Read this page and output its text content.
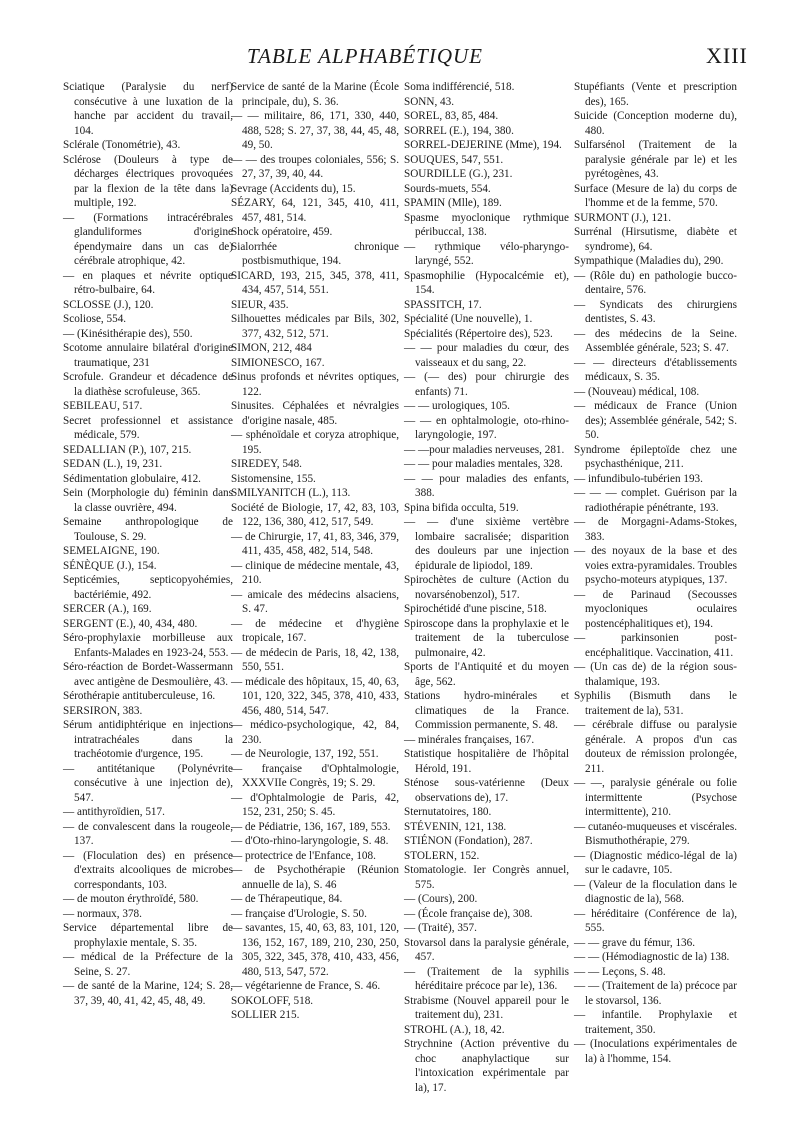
TABLE ALPHABÉTIQUE	XIII
Sciatique (Paralysie du nerf) consécutive à une luxation de la hanche par accident du travail, 104.
Sclérale (Tonométrie), 43.
Sclérose (Douleurs à type de décharges électriques provoquées par la flexion de la tête dans la) multiple, 192.
— (Formations intracérébrales glanduliformes d'origine épendymaire dans un cas de) cérébrale atrophique, 42.
— en plaques et névrite optique rétro-bulbaire, 64.
SCLOSSE (J.), 120.
Scoliose, 554.
— (Kinésithérapie des), 550.
Scotome annulaire bilatéral d'origine traumatique, 231
Scrofule. Grandeur et décadence de la diathèse scrofuleuse, 365.
SEBILEAU, 517.
Secret professionnel et assistance médicale, 579.
SEDALLIAN (P.), 107, 215.
SEDAN (L.), 19, 231.
Sédimentation globulaire, 412.
Sein (Morphologie du) féminin dans la classe ouvrière, 494.
Semaine anthropologique de Toulouse, S. 29.
SEMELAIGNE, 190.
SÉNÈQUE (J.), 154.
Septicémies, septicopyohémies, bactériémie, 492.
SERCER (A.), 169.
SERGENT (E.), 40, 434, 480.
Séro-prophylaxie morbilleuse aux Enfants-Malades en 1923-24, 553.
Séro-réaction de Bordet-Wassermann avec antigène de Desmoulière, 43.
Sérothérapie antituberculeuse, 16.
SERSIRON, 383.
Sérum antidiphtérique en injections intratrachéales dans la trachéotomie d'urgence, 195.
— antitétanique (Polynévrite consécutive à une injection de), 547.
— antithyroïdien, 517.
— de convalescent dans la rougeole, 137.
— (Floculation des) en présence d'extraits alcooliques de microbes correspondants, 103.
— de mouton érythroïdé, 580.
— normaux, 378.
Service départemental libre de prophylaxie mentale, S. 35.
— médical de la Préfecture de la Seine, S. 27.
— de santé de la Marine, 124; S. 28, 37, 39, 40, 41, 42, 45, 48, 49.
Service de santé de la Marine (École principale, du), S. 36.
— — militaire, 86, 171, 330, 440, 488, 528; S. 27, 37, 38, 44, 45, 48, 49, 50.
— — des troupes coloniales, 556; S. 27, 37, 39, 40, 44.
Sevrage (Accidents du), 15.
SÉZARY, 64, 121, 345, 410, 411, 457, 481, 514.
Shock opératoire, 459.
Sialorrhée chronique postbismuthique, 194.
SICARD, 193, 215, 345, 378, 411, 434, 457, 514, 551.
SIEUR, 435.
Silhouettes médicales par Bils, 302, 377, 432, 512, 571.
SIMON, 212, 484
SIMIONESCO, 167.
Sinus profonds et névrites optiques, 122.
Sinusites. Céphalées et névralgies d'origine nasale, 485.
— sphénoïdale et coryza atrophique, 195.
SIREDEY, 548.
Sistomensine, 155.
SMILYANITCH (L.), 113.
Société de Biologie, 17, 42, 83, 103, 122, 136, 380, 412, 517, 549.
— de Chirurgie, 17, 41, 83, 346, 379, 411, 435, 458, 482, 514, 548.
— clinique de médecine mentale, 43, 210.
— amicale des médecins alsaciens, S. 47.
— de médecine et d'hygiène tropicale, 167.
— de médecin de Paris, 18, 42, 138, 550, 551.
— médicale des hôpitaux, 15, 40, 63, 101, 120, 322, 345, 378, 410, 433, 456, 480, 514, 547.
— médico-psychologique, 42, 84, 230.
— de Neurologie, 137, 192, 551.
— française d'Ophtalmologie, XXXVIIe Congrès, 19; S. 29.
— d'Ophtalmologie de Paris, 42, 152, 231, 250; S. 45.
— de Pédiatrie, 136, 167, 189, 553.
— d'Oto-rhino-laryngologie, S. 48.
— protectrice de l'Enfance, 108.
— de Psychothérapie (Réunion annuelle de la), S. 46
— de Thérapeutique, 84.
— française d'Urologie, S. 50.
— savantes, 15, 40, 63, 83, 101, 120, 136, 152, 167, 189, 210, 230, 250, 305, 322, 345, 378, 410, 433, 456, 480, 513, 547, 572.
— végétarienne de France, S. 46.
SOKOLOFF, 518.
SOLLIER 215.
Soma indifférencié, 518.
SONN, 43.
SOREL, 83, 85, 484.
SORREL (E.), 194, 380.
SORREL-DEJERINE (Mme), 194.
SOUQUES, 547, 551.
SOURDILLE (G.), 231.
Sourds-muets, 554.
SPAMIN (Mlle), 189.
Spasme myoclonique rythmique péribuccal, 138.
— rythmique vélo-pharyngo-laryngé, 552.
Spasmophilie (Hypocalcémie et), 154.
SPASSITCH, 17.
Spécialité (Une nouvelle), 1.
Spécialités (Répertoire des), 523.
— — pour maladies du cœur, des vaisseaux et du sang, 22.
— (— des) pour chirurgie des enfants) 71.
— — urologiques, 105.
— — en ophtalmologie, oto-rhino-laryngologie, 197.
— —pour maladies nerveuses, 281.
— — pour maladies mentales, 328.
— — pour maladies des enfants, 388.
Spina bifida occulta, 519.
— — d'une sixième vertèbre lombaire sacralisée; disparition des douleurs par une injection épidurale de lipiodol, 189.
Spirochètes de culture (Action du novarsénobenzol), 517.
Spirochétidé d'une piscine, 518.
Spiroscope dans la prophylaxie et le traitement de la tuberculose pulmonaire, 42.
Sports de l'Antiquité et du moyen âge, 562.
Stations hydro-minérales et climatiques de la France. Commission permanente, S. 48.
— minérales françaises, 167.
Statistique hospitalière de l'hôpital Hérold, 191.
Sténose sous-vatérienne (Deux observations de), 17.
Sternutatoires, 180.
STÉVENIN, 121, 138.
STIÉNON (Fondation), 287.
STOLERN, 152.
Stomatologie. Ier Congrès annuel, 575.
— (Cours), 200.
— (École française de), 308.
— (Traité), 357.
Stovarsol dans la paralysie générale, 457.
— (Traitement de la syphilis héréditaire précoce par le), 136.
Strabisme (Nouvel appareil pour le traitement du), 231.
STROHL (A.), 18, 42.
Strychnine (Action préventive du choc anaphylactique sur l'intoxication expérimentale par la), 17.
Stupéfiants (Vente et prescription des), 165.
Suicide (Conception moderne du), 480.
Sulfarsénol (Traitement de la paralysie générale par le) et les pyrétogènes, 43.
Surface (Mesure de la) du corps de l'homme et de la femme, 570.
SURMONT (J.), 121.
Surrénal (Hirsutisme, diabète et syndrome), 64.
Sympathique (Maladies du), 290.
— (Rôle du) en pathologie bucco-dentaire, 576.
— Syndicats des chirurgiens dentistes, S. 43.
— des médecins de la Seine. Assemblée générale, 523; S. 47.
— — directeurs d'établissements médicaux, S. 35.
— (Nouveau) médical, 108.
— médicaux de France (Union des); Assemblée générale, 542; S. 50.
Syndrome épileptoïde chez une psychasthénique, 211.
— infundibulo-tubérien 193.
— — — complet. Guérison par la radiothérapie pénétrante, 193.
— de Morgagni-Adams-Stokes, 383.
— des noyaux de la base et des voies extra-pyramidales. Troubles psycho-moteurs atypiques, 137.
— de Parinaud (Secousses myocloniques oculaires postencéphalitiques et), 194.
— parkinsonien post-encéphalitique. Vaccination, 411.
— (Un cas de) de la région sous-thalamique, 193.
Syphilis (Bismuth dans le traitement de la), 531.
— cérébrale diffuse ou paralysie générale. A propos d'un cas douteux de rémission prolongée, 211.
— —, paralysie générale ou folie intermittente (Psychose intermittente), 210.
— cutanéo-muqueuses et viscérales. Bismuthothérapie, 279.
— (Diagnostic médico-légal de la) sur le cadavre, 105.
— (Valeur de la floculation dans le diagnostic de la), 568.
— héréditaire (Conférence de la), 555.
— — grave du fémur, 136.
— — (Hémodiagnostic de la) 138.
— — Leçons, S. 48.
— — (Traitement de la) précoce par le stovarsol, 136.
— infantile. Prophylaxie et traitement, 350.
— (Inoculations expérimentales de la) à l'homme, 154.
